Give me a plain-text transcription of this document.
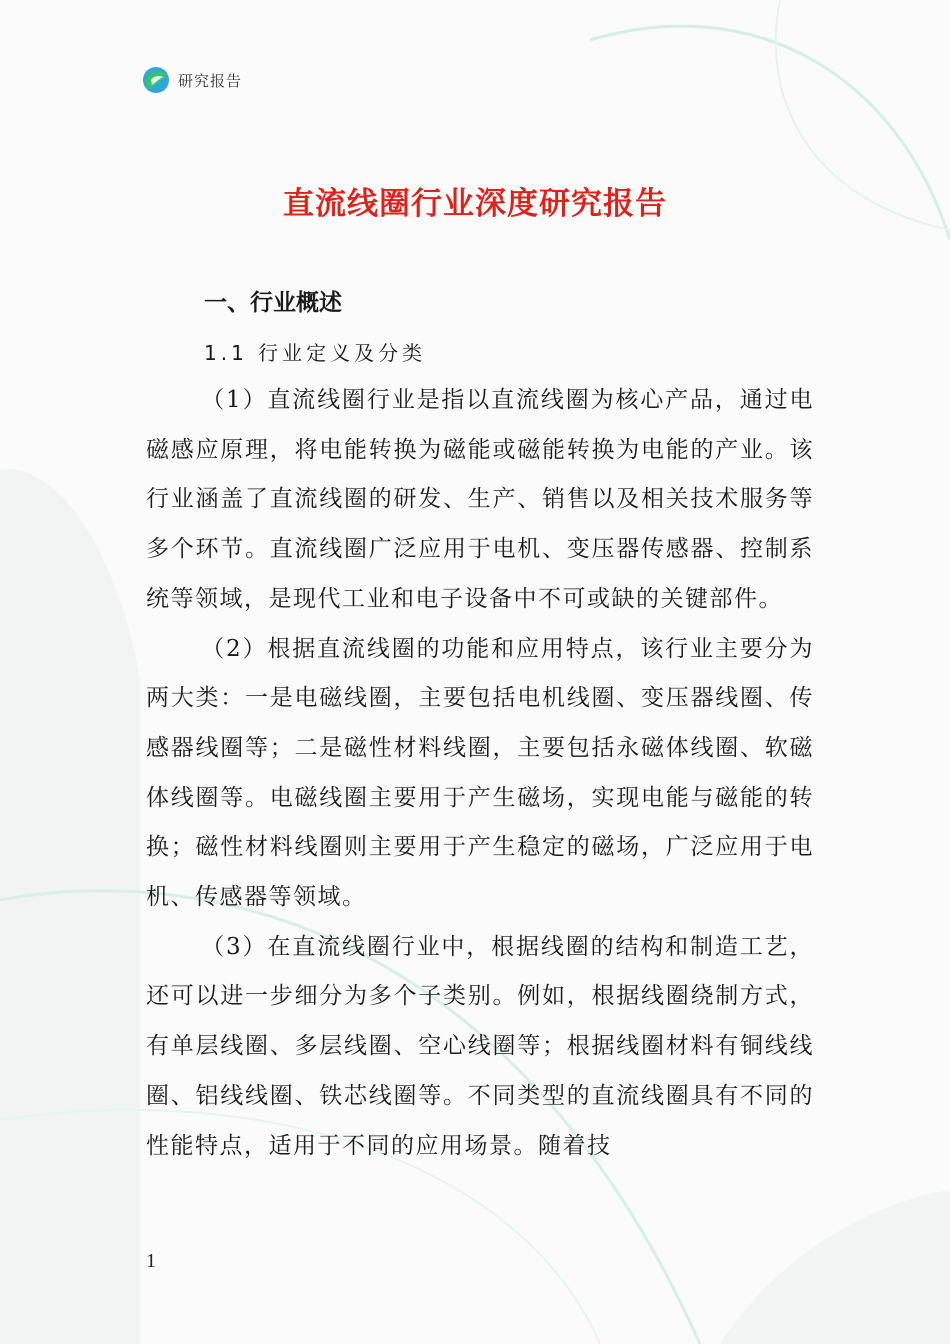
研究报告
直流线圈行业深度研究报告
一、行业概述
1.1 行业定义及分类

（1）直流线圈行业是指以直流线圈为核心产品，通过电磁感应原理，将电能转换为磁能或磁能转换为电能的产业。该行业涵盖了直流线圈的研发、生产、销售以及相关技术服务等多个环节。直流线圈广泛应用于电机、变压器传感器、控制系统等领域，是现代工业和电子设备中不可或缺的关键部件。

（2）根据直流线圈的功能和应用特点，该行业主要分为两大类：一是电磁线圈，主要包括电机线圈、变压器线圈、传感器线圈等；二是磁性材料线圈，主要包括永磁体线圈、软磁体线圈等。电磁线圈主要用于产生磁场，实现电能与磁能的转换；磁性材料线圈则主要用于产生稳定的磁场，广泛应用于电机、传感器等领域。

（3）在直流线圈行业中，根据线圈的结构和制造工艺，还可以进一步细分为多个子类别。例如，根据线圈绕制方式，有单层线圈、多层线圈、空心线圈等；根据线圈材料有铜线线圈、铝线线圈、铁芯线圈等。不同类型的直流线圈具有不同的性能特点，适用于不同的应用场景。随着技

1
